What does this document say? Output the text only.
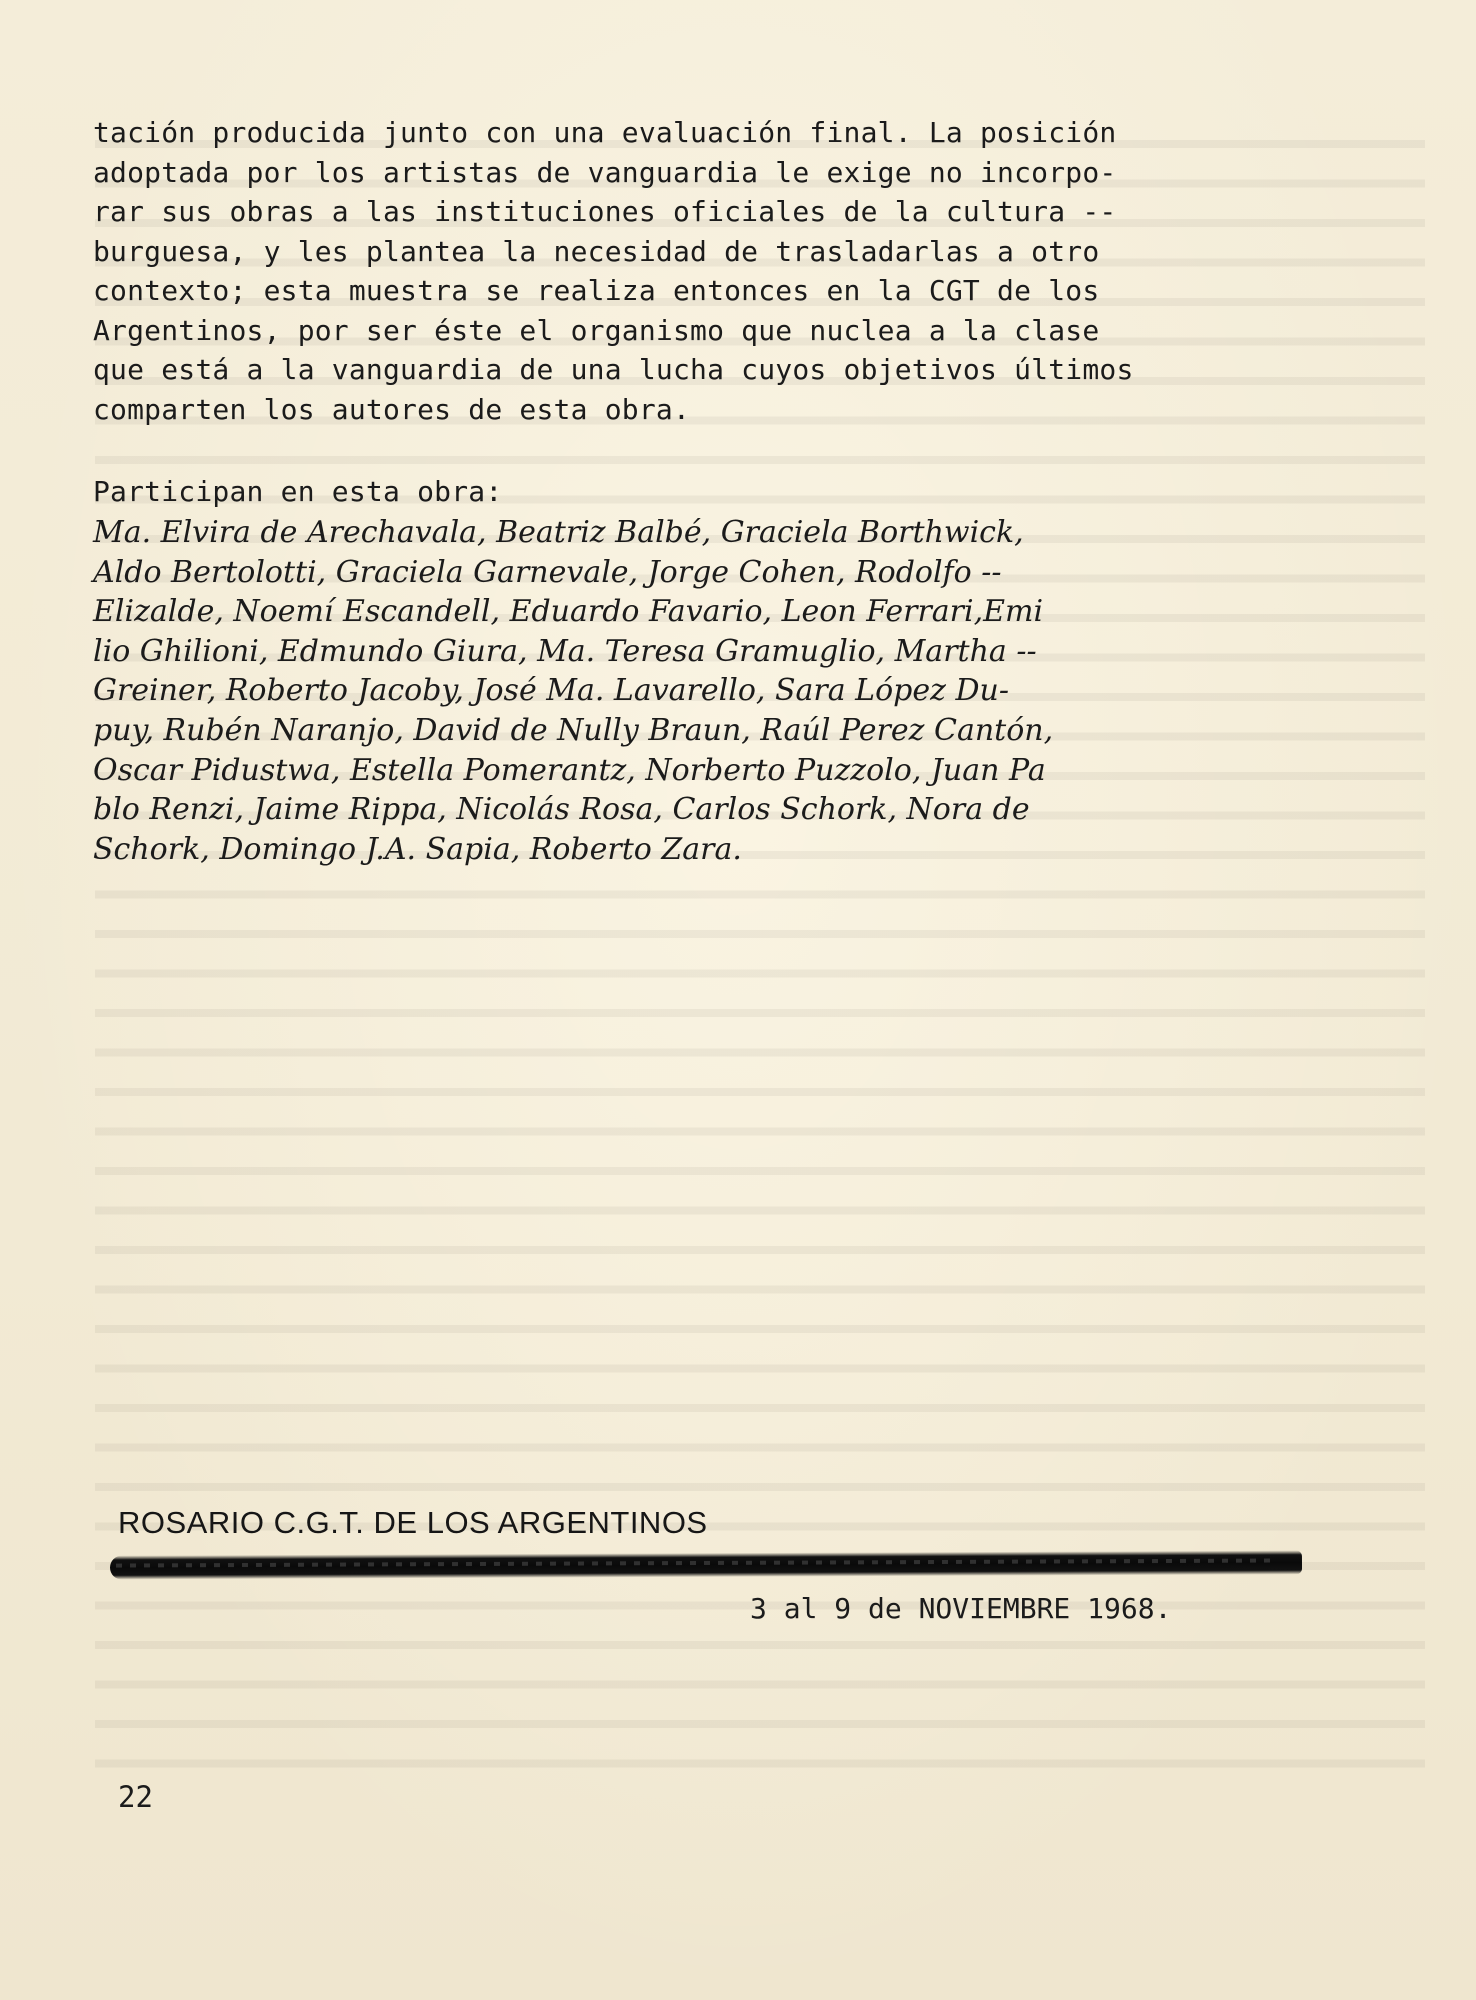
tación producida junto con una evaluación final. La posición
adoptada por los artistas de vanguardia le exige no incorpo-
rar sus obras a las instituciones oficiales de la cultura --
burguesa, y les plantea la necesidad de trasladarlas a otro
contexto; esta muestra se realiza entonces en la CGT de los
Argentinos, por ser éste el organismo que nuclea a la clase
que está a la vanguardia de una lucha cuyos objetivos últimos
comparten los autores de esta obra.
Participan en esta obra:
Ma. Elvira de Arechavala, Beatriz Balbé, Graciela Borthwick,
Aldo Bertolotti, Graciela Garnevale, Jorge Cohen, Rodolfo --
Elizalde, Noemí Escandell, Eduardo Favario, Leon Ferrari,Emi
lio Ghilioni, Edmundo Giura, Ma. Teresa Gramuglio, Martha --
Greiner, Roberto Jacoby, José Ma. Lavarello, Sara López Du-
puy, Rubén Naranjo, David de Nully Braun, Raúl Perez Cantón,
Oscar Pidustwa, Estella Pomerantz, Norberto Puzzolo, Juan Pa
blo Renzi, Jaime Rippa, Nicolás Rosa, Carlos Schork, Nora de
Schork, Domingo J.A. Sapia, Roberto Zara.
ROSARIO C.G.T. DE LOS ARGENTINOS
3 al 9 de NOVIEMBRE 1968.
22
